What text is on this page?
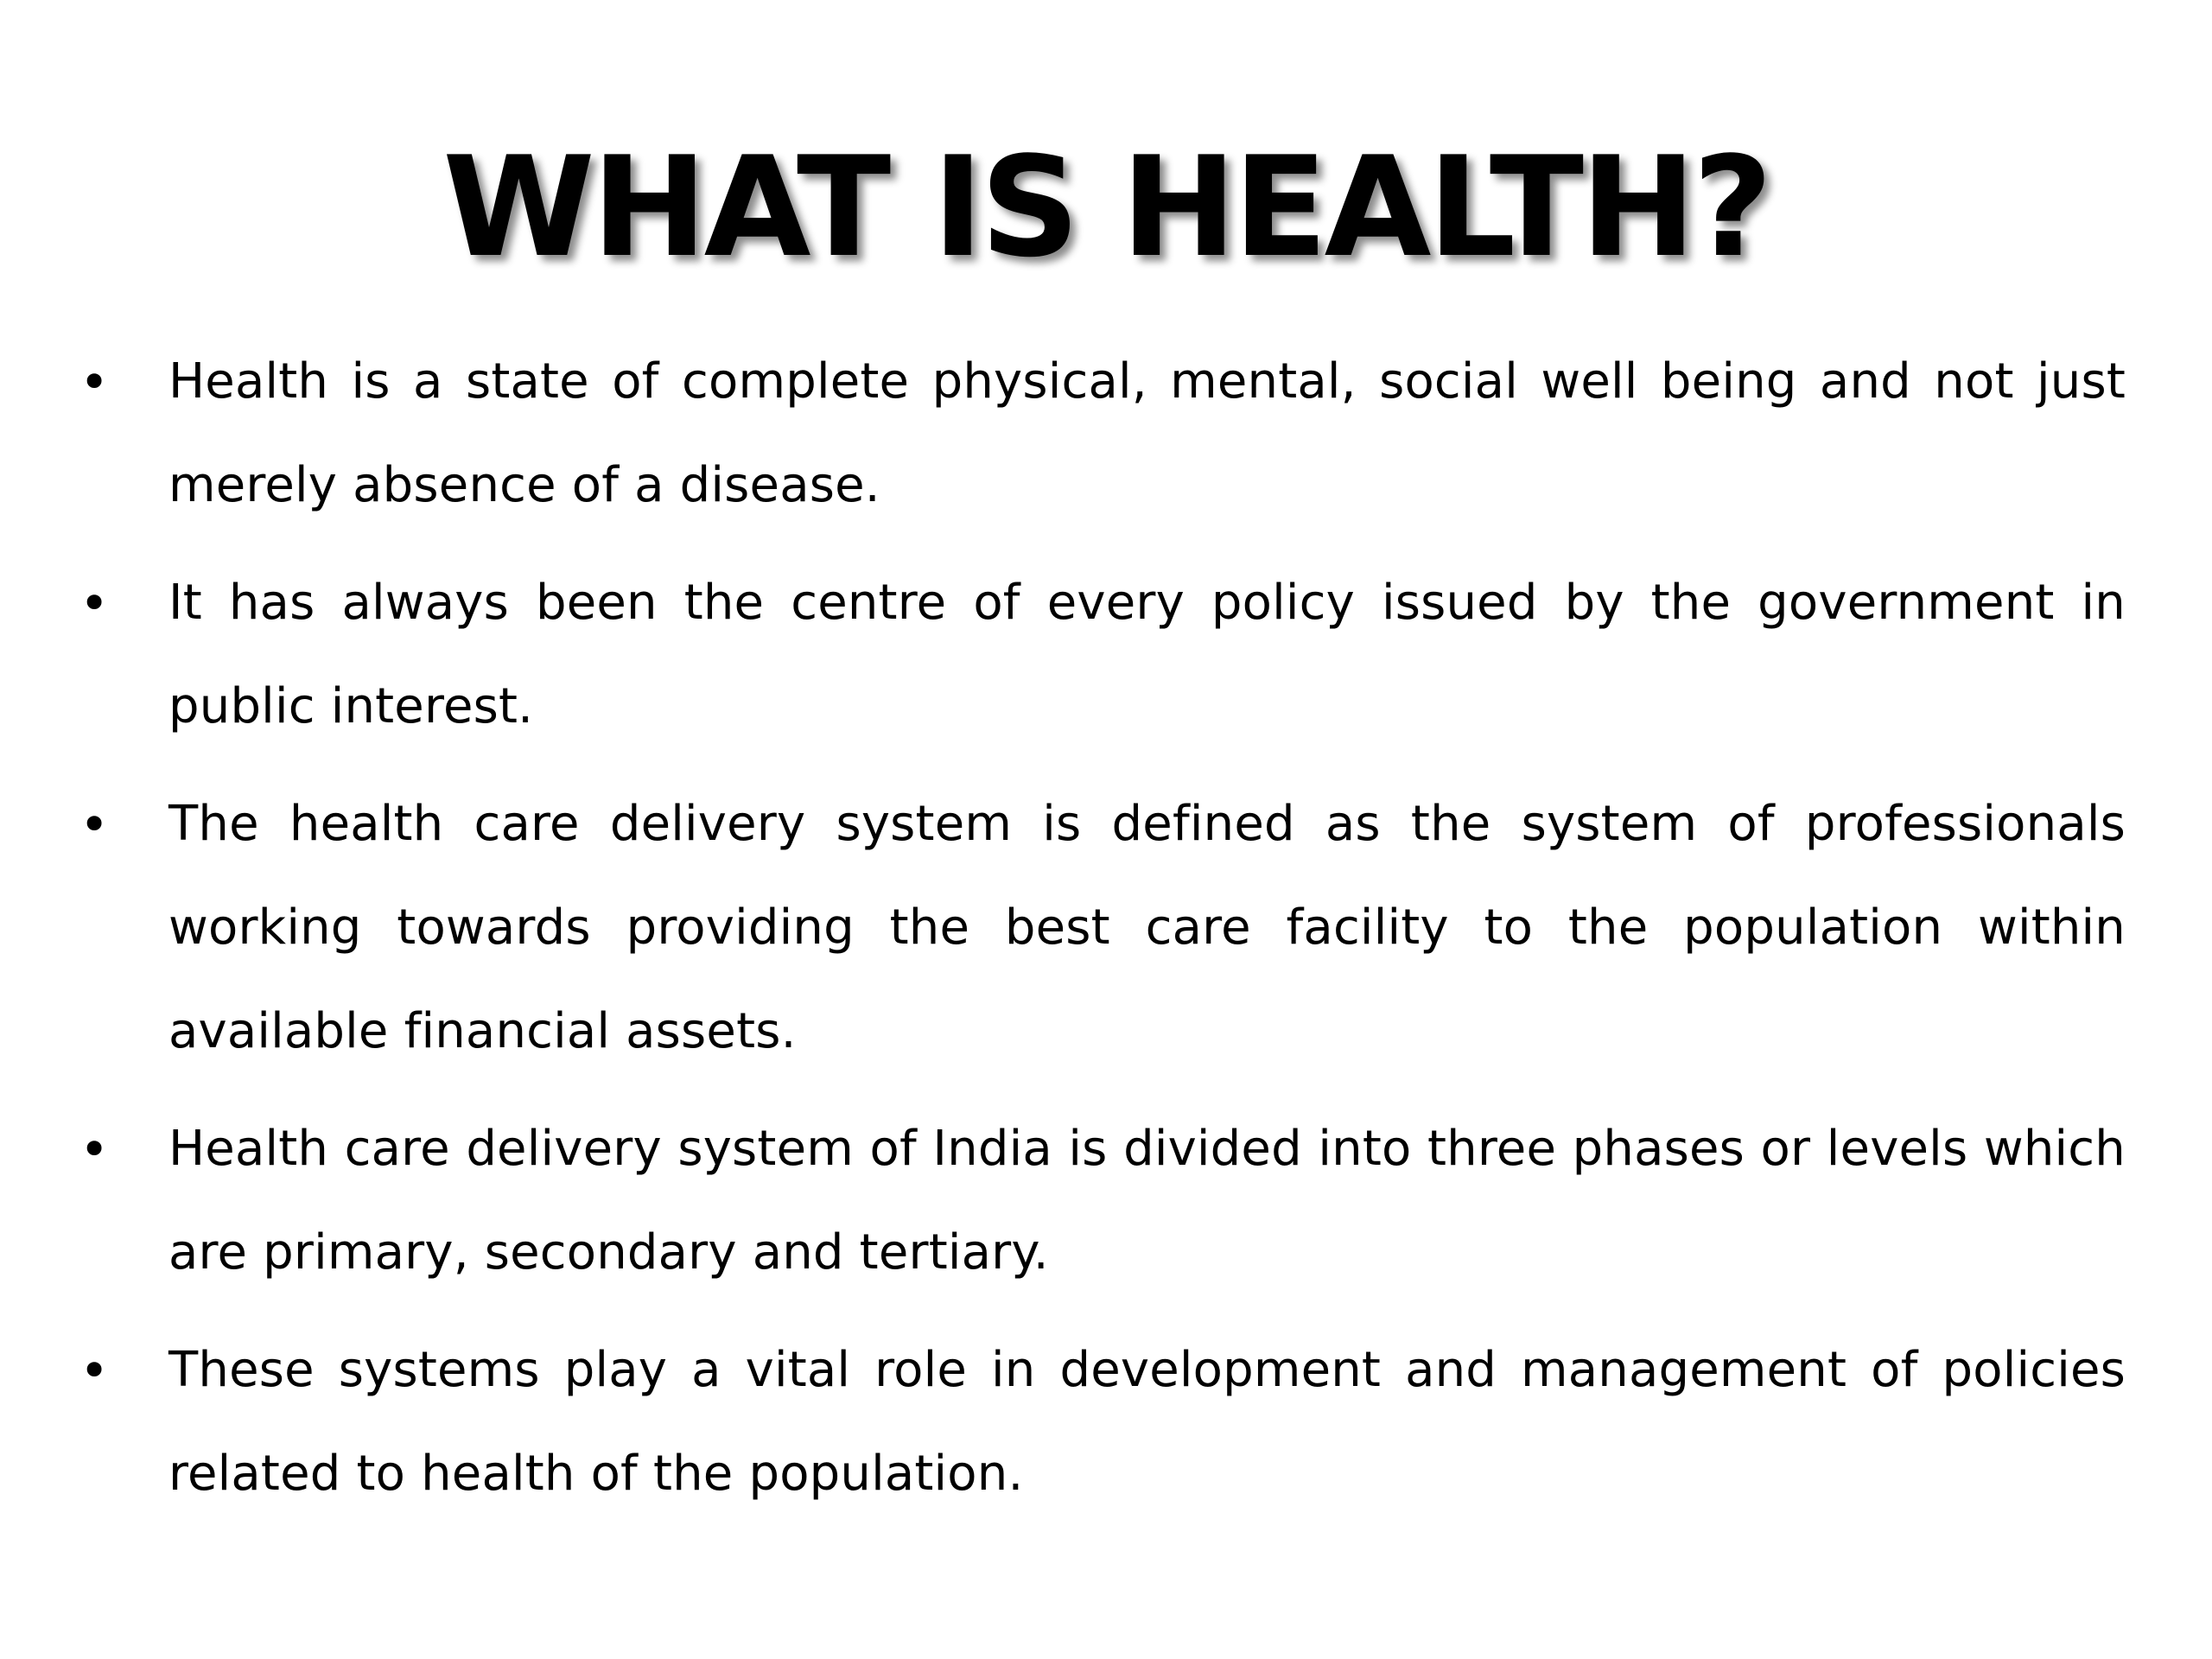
WHAT IS HEALTH?
• Health is a state of complete physical, mental, social well being and not just merely absence of a disease.
• It has always been the centre of every policy issued by the government in public interest.
• The health care delivery system is defined as the system of professionals working towards providing the best care facility to the population within available financial assets.
• Health care delivery system of India is divided into three phases or levels which are primary, secondary and tertiary.
• These systems play a vital role in development and management of policies related to health of the population.
